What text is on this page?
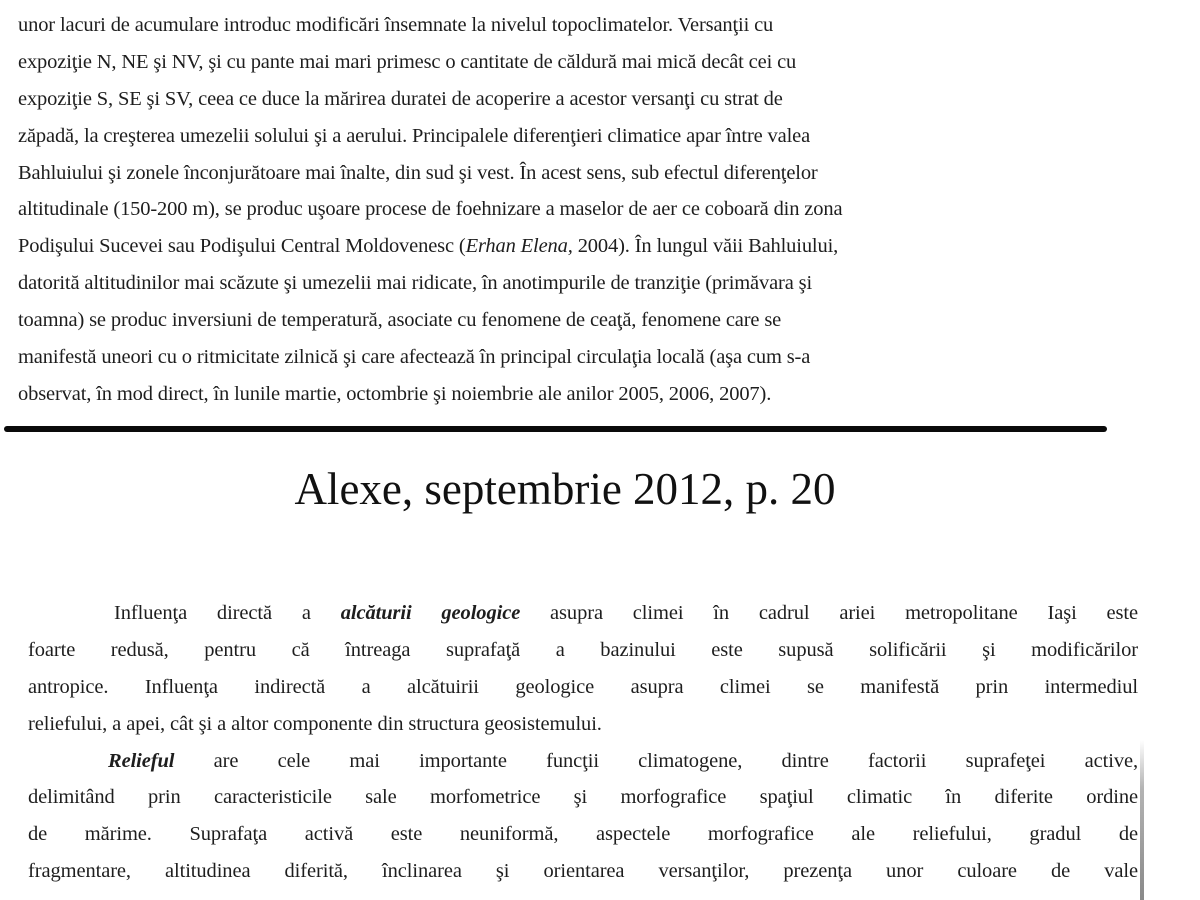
unor lacuri de acumulare introduc modificări însemnate la nivelul topoclimatelor. Versanţii cu
expoziţie N, NE şi NV, şi cu pante mai mari primesc o cantitate de căldură mai mică decât cei cu
expoziţie S, SE şi SV, ceea ce duce la mărirea duratei de acoperire a acestor versanţi cu strat de
zăpadă, la creşterea umezelii solului şi a aerului. Principalele diferenţieri climatice apar între valea
Bahluiului şi zonele înconjurătoare mai înalte, din sud şi vest. În acest sens, sub efectul diferenţelor
altitudinale (150-200 m), se produc uşoare procese de foehnizare a maselor de aer ce coboară din zona
Podişului Sucevei sau Podişului Central Moldovenesc (Erhan Elena, 2004). În lungul văii Bahluiului,
datorită altitudinilor mai scăzute şi umezelii mai ridicate, în anotimpurile de tranziţie (primăvara şi
toamna) se produc inversiuni de temperatură, asociate cu fenomene de ceaţă, fenomene care se
manifestă uneori cu o ritmicitate zilnică şi care afectează în principal circulaţia locală (aşa cum s-a
observat, în mod direct, în lunile martie, octombrie şi noiembrie ale anilor 2005, 2006, 2007).
Alexe, septembrie 2012, p. 20
Influenţa directă a alcăturii geologice asupra climei în cadrul ariei metropolitane Iaşi este
foarte redusă, pentru că întreaga suprafaţă a bazinului este supusă solificării şi modificărilor
antropice. Influenţa indirectă a alcătuirii geologice asupra climei se manifestă prin intermediul
reliefului, a apei, cât şi a altor componente din structura geosistemului.
Relieful are cele mai importante funcţii climatogene, dintre factorii suprafeţei active,
delimitând prin caracteristicile sale morfometrice şi morfografice spaţiul climatic în diferite ordine
de mărime. Suprafaţa activă este neuniformă, aspectele morfografice ale reliefului, gradul de
fragmentare, altitudinea diferită, înclinarea şi orientarea versanţilor, prezenţa unor culoare de vale
